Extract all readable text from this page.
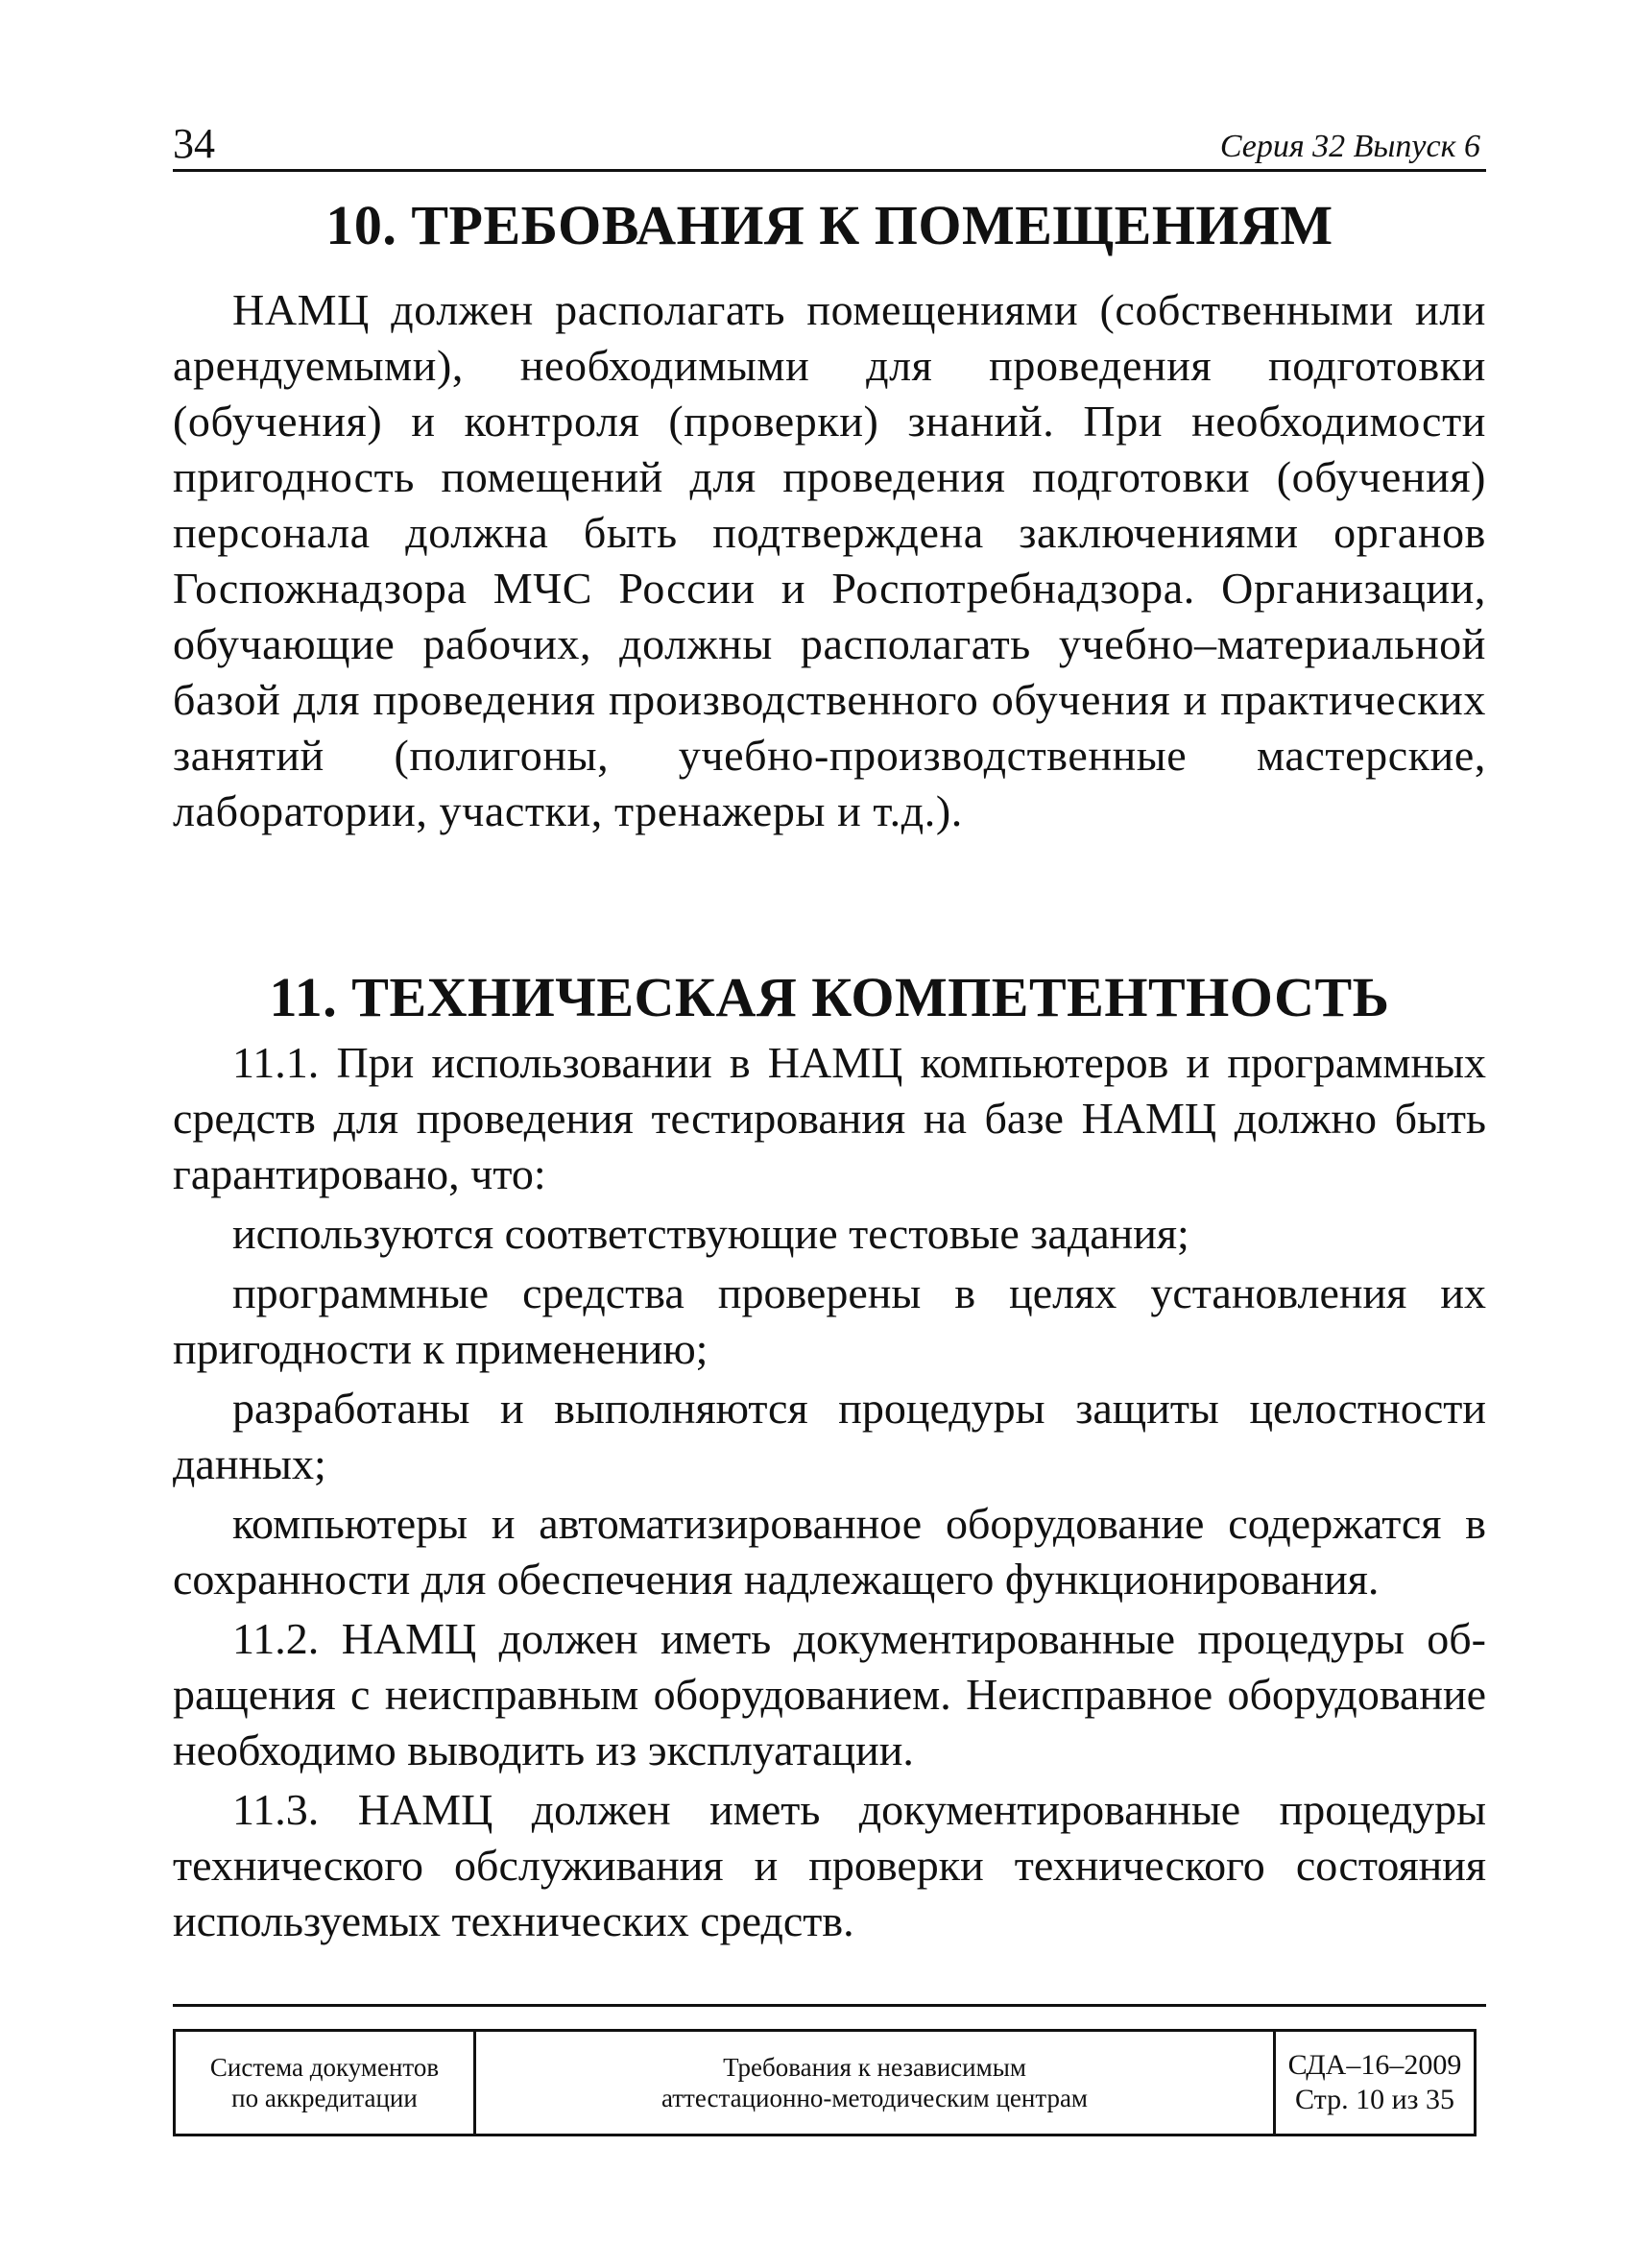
34	Серия 32 Выпуск 6
10. ТРЕБОВАНИЯ К ПОМЕЩЕНИЯМ

НАМЦ должен располагать помещениями (собственными или арендуемыми), необходимыми для проведения подготовки (обучения) и контроля (проверки) знаний. При необходимости пригодность помещений для проведения подготовки (обучения) персонала должна быть подтверждена заключениями органов Госпожнадзора МЧС России и Роспотребнадзора. Организации, обучающие рабочих, должны располагать учебно–материальной базой для проведения производственного обучения и практических занятий (полигоны, учебно-производственные мастерские, лаборатории, участки, тренажеры и т.д.).

11. ТЕХНИЧЕСКАЯ КОМПЕТЕНТНОСТЬ

11.1. При использовании в НАМЦ компьютеров и программных средств для проведения тестирования на базе НАМЦ должно быть гарантировано, что:

используются соответствующие тестовые задания;

программные средства проверены в целях установления их пригодности к применению;

разработаны и выполняются процедуры защиты целостности данных;

компьютеры и автоматизированное оборудование содержатся в сохранности для обеспечения надлежащего функционирования.

11.2. НАМЦ должен иметь документированные процедуры обращения с неисправным оборудованием. Неисправное оборудование необходимо выводить из эксплуатации.

11.3. НАМЦ должен иметь документированные процедуры технического обслуживания и проверки технического состояния используемых технических средств.

Система документов
по аккредитации
Требования к независимым
аттестационно-методическим центрам
СДА–16–2009
Стр. 10 из 35
